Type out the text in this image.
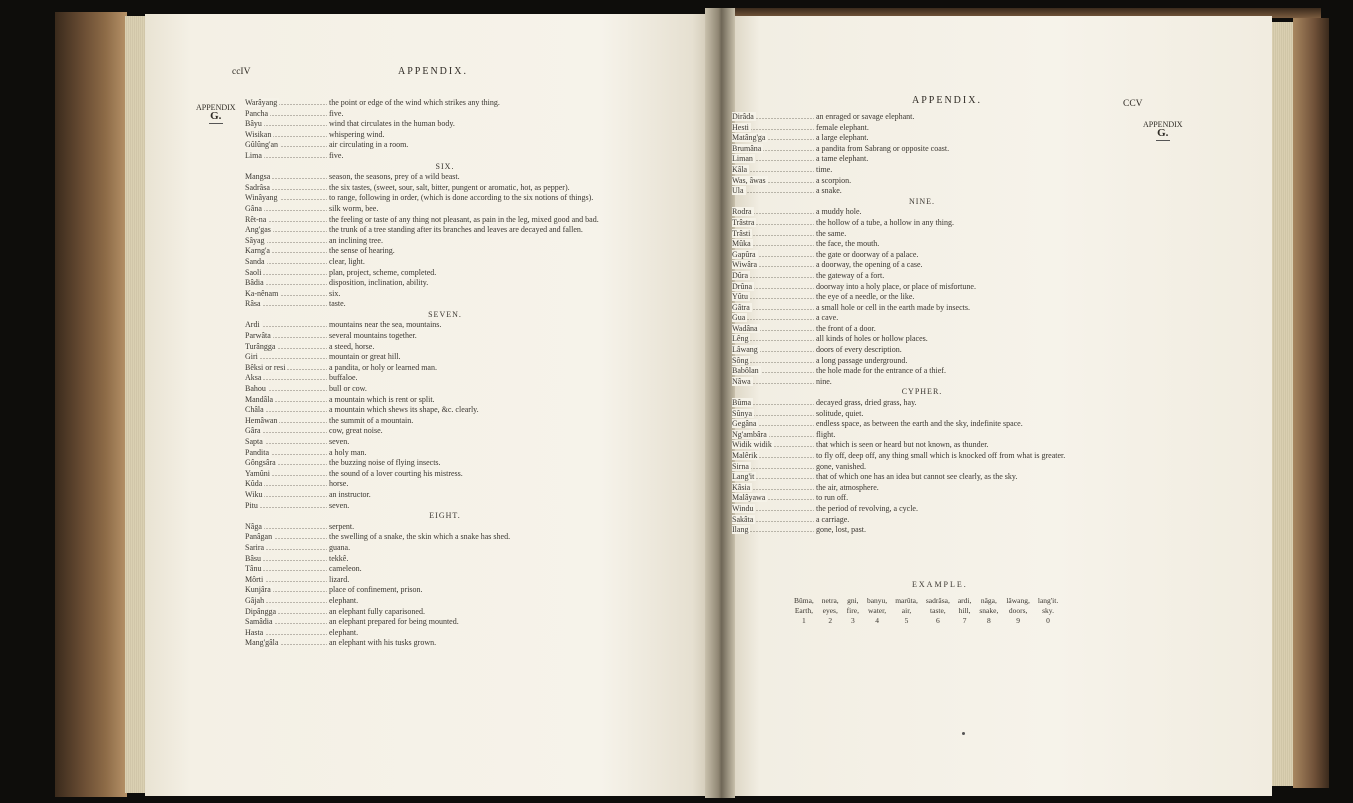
ccIV	APPENDIX.
APPENDIX
G.
Warâyang .....	the point or edge of the wind which strikes any thing.
Pancha .....	five.
Bâyu .....	wind that circulates in the human body.
Wisikan .....	whispering wind.
Gûlûng'an .....	air circulating in a room.
Lima .....	five.
SIX.
Mangsa .....	season, the seasons, prey of a wild beast.
Sadrâsa .....	the six tastes, (sweet, sour, salt, bitter, pungent or aromatic, hot, as pepper).
Winâyang .....	to range, following in order, (which is done according to the six notions of things).
Gâna .....	silk worm, bee.
Rêt-na .....	the feeling or taste of any thing not pleasant, as pain in the leg, mixed good and bad.
Ang'gas .....	the trunk of a tree standing after its branches and leaves are decayed and fallen.
Sâyag .....	an inclining tree.
Karng'a .....	the sense of hearing.
Sanda .....	clear, light.
Saoli .....	plan, project, scheme, completed.
Bâdia .....	disposition, inclination, ability.
Ka-nênam .....	six.
Râsa .....	taste.
SEVEN.
Ardi .....	mountains near the sea, mountains.
Parwâta .....	several mountains together.
Turângga .....	a steed, horse.
Giri .....	mountain or great hill.
Bêksi or resi .....	a pandita, or holy or learned man.
Aksa .....	buffaloe.
Bahou .....	bull or cow.
Mandâla .....	a mountain which is rent or split.
Châla .....	a mountain which shews its shape, &c. clearly.
Hemâwan .....	the summit of a mountain.
Gâra .....	cow, great noise.
Sapta .....	seven.
Pandita .....	a holy man.
Gôngsâra .....	the buzzing noise of flying insects.
Yamûni .....	the sound of a lover courting his mistress.
Kûda .....	horse.
Wiku .....	an instructor.
Pitu .....	seven.
EIGHT.
Nâga .....	serpent.
Panâgan .....	the swelling of a snake, the skin which a snake has shed.
Sarira .....	guana.
Bâsu .....	tekkê.
Tânu .....	cameleon.
Môrti .....	lizard.
Kunjâra .....	place of confinement, prison.
Gâjah .....	elephant.
Dipângga .....	an elephant fully caparisoned.
Samâdia .....	an elephant prepared for being mounted.
Hasta .....	elephant.
Mang'gâla .....	an elephant with his tusks grown.
APPENDIX.	CCV
APPENDIX
G.
Dirâda .....	an enraged or savage elephant.
Hesti .....	female elephant.
Matâng'ga .....	a large elephant.
Brumâna .....	a pandita from Sabrang or opposite coast.
Liman .....	a tame elephant.
Kâla .....	time.
Was, âwas .....	a scorpion.
Ula .....	a snake.
NINE.
Rodra .....	a muddy hole.
Trâstra .....	the hollow of a tube, a hollow in any thing.
Trâsti .....	the same.
Mûka .....	the face, the mouth.
Gapûra .....	the gate or doorway of a palace.
Wiwâra .....	a doorway, the opening of a case.
Dûra .....	the gateway of a fort.
Drûna .....	doorway into a holy place, or place of misfortune.
Yûtu .....	the eye of a needle, or the like.
Gâtra .....	a small hole or cell in the earth made by insects.
Gua .....	a cave.
Wadâna .....	the front of a door.
Lêng .....	all kinds of holes or hollow places.
Lâwang .....	doors of every description.
Sông .....	a long passage underground.
Babôlan .....	the hole made for the entrance of a thief.
Nâwa .....	nine.
CYPHER.
Bûma .....	decayed grass, dried grass, hay.
Sûnya .....	solitude, quiet.
Gegâna .....	endless space, as between the earth and the sky, indefinite space.
Ng'ambâra .....	flight.
Widik widik .....	that which is seen or heard but not known, as thunder.
Malêrik .....	to fly off, deep off, any thing small which is knocked off from what is greater.
Sirna .....	gone, vanished.
Lang'it .....	that of which one has an idea but cannot see clearly, as the sky.
Kâsia .....	the air, atmosphere.
Malâyawa .....	to run off.
Windu .....	the period of revolving, a cycle.
Sakâta .....	a carriage.
Ilang .....	gone, lost, past.
EXAMPLE.
Bûma,	netra,	gni,	banyu,	marûta,	sadrâsa,	ardi,	nâga,	lâwang,	lang'it.
Earth,	eyes,	fire,	water,	air,	taste,	hill,	snake,	doors,	sky.
1	2	3	4	5	6	7	8	9	0
